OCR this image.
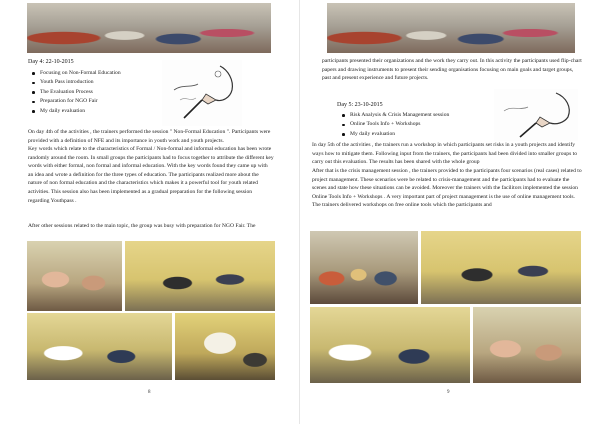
Day 4: 22-10-2015
Focusing on Non-Formal Education
Youth Pass introduction
The Evaluation Process
Preparation for NGO Fair
My daily evaluation
On day 4th of the activities , the trainers performed the session " Non-Formal Education ". Participants were provided with a definition of NFE and its importance in youth work and youth projects.
Key words which relate to the characteristics of Formal / Non-formal and informal education has been wrote randomly around the room. In small groups the participants had to focus together to attribute the different key words with either formal, non formal and informal education. With the key words found they came up with an idea and wrote a definition for the three types of education. The participants realized more about the nature of non formal education and the characteristics which makes it a powerful tool for youth related activities. This session also has been implemented as a gradual preparation for the following session regarding Youthpass .
After other sessions related to the main topic, the group was busy with preparation for NGO Fair. The
8
participants presented their organizations and the work they carry out. In this activity the participants used flip-chart papers and drawing instruments to present their sending organisations focusing on main goals and target groups, past and present experience and future projects.
Day 5: 23-10-2015
Risk Analysis & Crisis Management session
Online Tools Info + Workshops
My daily evaluation
In day 5th of the activities , the trainers run a workshop in which participants set risks in a youth projects and identify ways how to mitigate them. Following input from the trainers, the participants had been divided into smaller groups to carry out this evaluation. The results has been shared with the whole group
After that is the crisis management session , the trainers provided to the participants four scenarios (real cases) related to project management. These scenarios were be related to crisis-management and the participants had to evaluate the scenes and state how these situations can be avoided. Moreover the trainers with the facilitors implemented the session Online Tools Info + Workshops . A very important part of project management is the use of online management tools. The trainers delivered workshops on free online tools which the participants and
9
